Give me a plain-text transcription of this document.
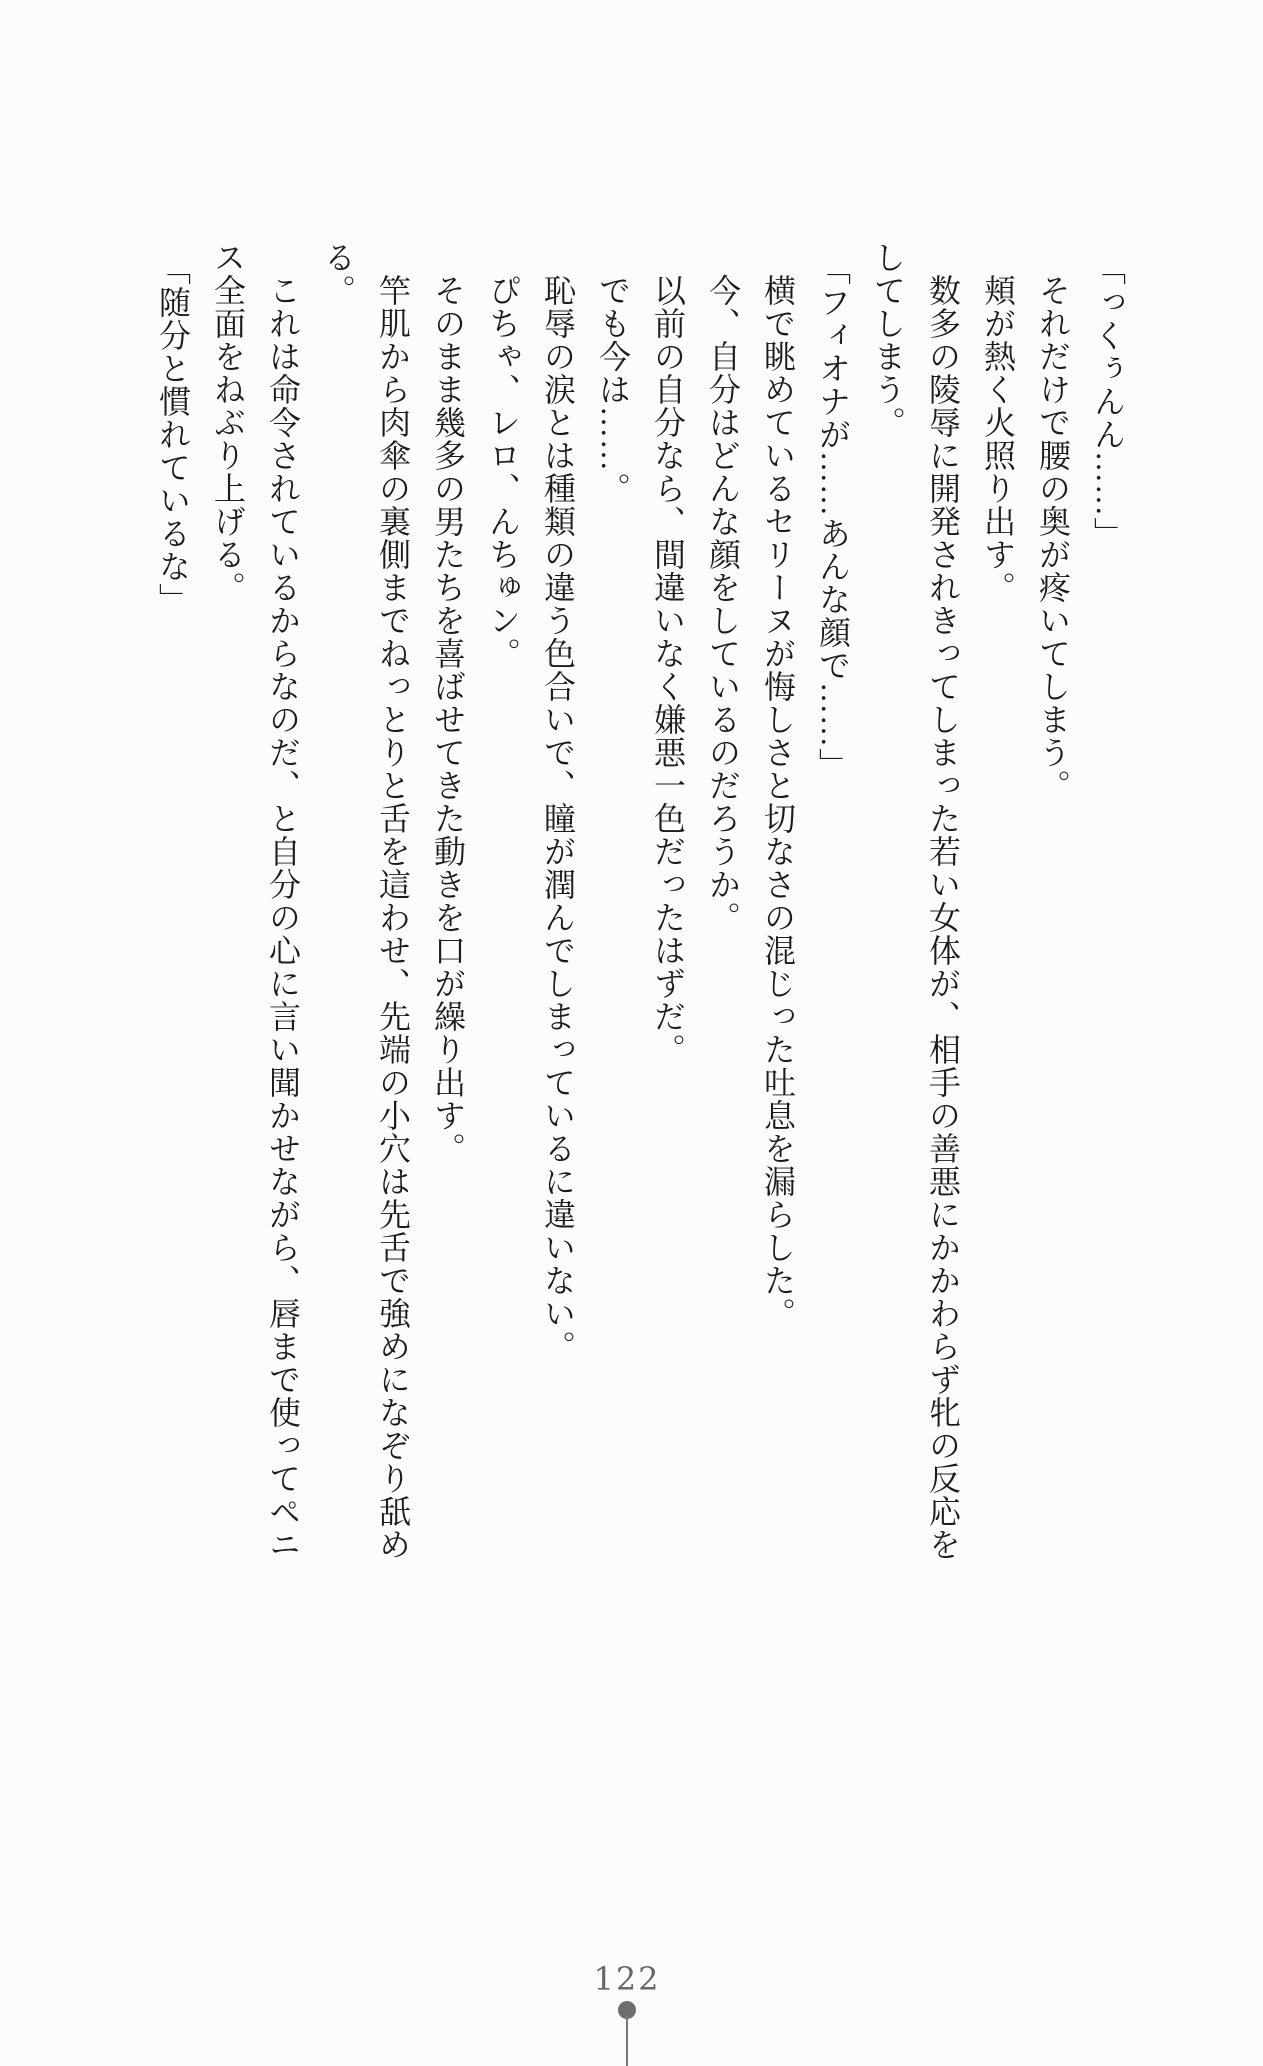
「っくぅんん……」

それだけで腰の奥が疼いてしまう。

頬が熱く火照り出す。

数多の陵辱に開発されきってしまった若い女体が、相手の善悪にかかわらず牝の反応を

してしまう。

「フィオナが……あんな顔で……」

横で眺めているセリーヌが悔しさと切なさの混じった吐息を漏らした。

今、自分はどんな顔をしているのだろうか。

以前の自分なら、間違いなく嫌悪一色だったはずだ。

でも今は……。

恥辱の涙とは種類の違う色合いで、瞳が潤んでしまっているに違いない。

ぴちゃ、レロ、んちゅン。

そのまま幾多の男たちを喜ばせてきた動きを口が繰り出す。

竿肌から肉傘の裏側までねっとりと舌を這わせ、先端の小穴は先舌で強めになぞり舐め

る。

これは命令されているからなのだ、と自分の心に言い聞かせながら、唇まで使ってペニ

ス全面をねぶり上げる。

「随分と慣れているな」

122
